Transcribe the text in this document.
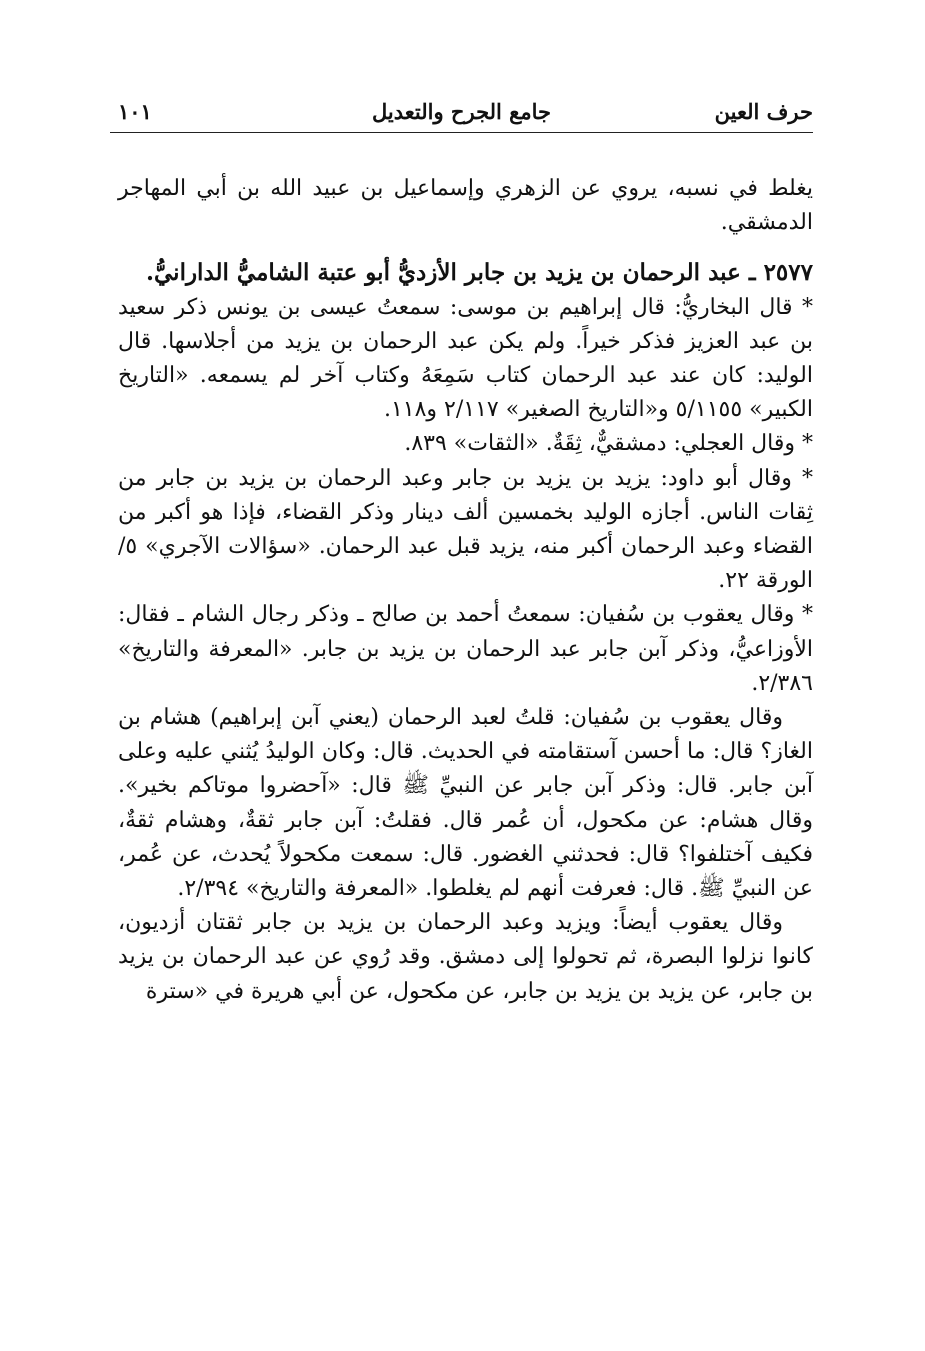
حرف العين
جامع الجرح والتعديل
١٠١

يغلط في نسبه، يروي عن الزهري وإسماعيل بن عبيد الله بن أبي المهاجر الدمشقي.

٢٥٧٧ ـ عبد الرحمان بن يزيد بن جابر الأزديُّ أبو عتبة الشاميُّ الدارانيُّ.

* قال البخاريُّ: قال إبراهيم بن موسى: سمعتُ عيسى بن يونس ذكر سعيد بن عبد العزيز فذكر خيراً. ولم يكن عبد الرحمان بن يزيد من أجلاسها. قال الوليد: كان عند عبد الرحمان كتاب سَمِعَهُ وكتاب آخر لم يسمعه. «التاريخ الكبير» ٥/١١٥٥ و«التاريخ الصغير» ٢/١١٧ و١١٨.

* وقال العجلي: دمشقيٌّ، ثِقَةٌ. «الثقات» ٨٣٩.

* وقال أبو داود: يزيد بن يزيد بن جابر وعبد الرحمان بن يزيد بن جابر من ثِقات الناس. أجازه الوليد بخمسين ألف دينار وذكر القضاء، فإذا هو أكبر من القضاء وعبد الرحمان أكبر منه، يزيد قبل عبد الرحمان. «سؤالات الآجري» ٥/الورقة ٢٢.

* وقال يعقوب بن سُفيان: سمعتُ أحمد بن صالح ـ وذكر رجال الشام ـ فقال: الأوزاعيُّ، وذكر آبن جابر عبد الرحمان بن يزيد بن جابر. «المعرفة والتاريخ» ٢/٣٨٦.

وقال يعقوب بن سُفيان: قلتُ لعبد الرحمان (يعني آبن إبراهيم) هشام بن الغاز؟ قال: ما أحسن آستقامته في الحديث. قال: وكان الوليدُ يُثني عليه وعلى آبن جابر. قال: وذكر آبن جابر عن النبيِّ ﷺ قال: «آحضروا موتاكم بخير». وقال هشام: عن مكحول، أن عُمر قال. فقلتُ: آبن جابر ثقةٌ، وهشام ثقةٌ، فكيف آختلفوا؟ قال: فحدثني الغضور. قال: سمعت مكحولاً يُحدث، عن عُمر، عن النبيِّ ﷺ. قال: فعرفت أنهم لم يغلطوا. «المعرفة والتاريخ» ٢/٣٩٤.

وقال يعقوب أيضاً: ويزيد وعبد الرحمان بن يزيد بن جابر ثقتان أزديون، كانوا نزلوا البصرة، ثم تحولوا إلى دمشق. وقد رُوي عن عبد الرحمان بن يزيد بن جابر، عن يزيد بن يزيد بن جابر، عن مكحول، عن أبي هريرة في «سترة
